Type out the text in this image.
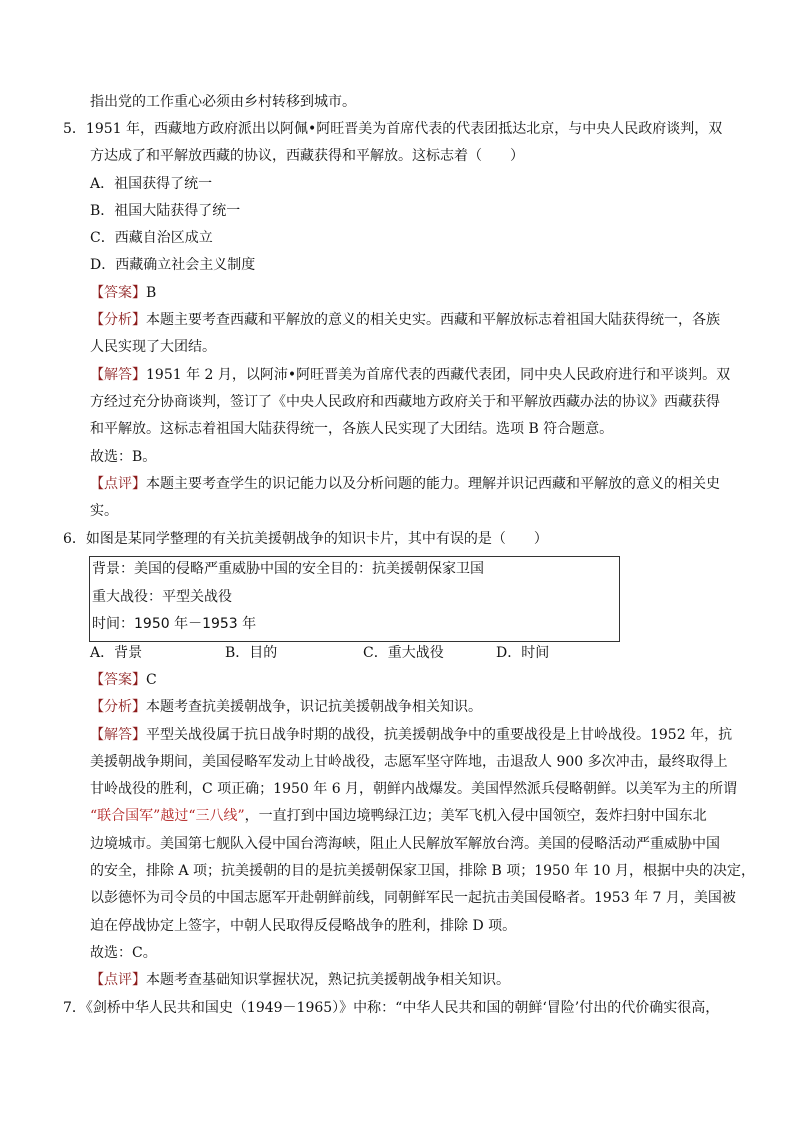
指出党的工作重心必须由乡村转移到城市。
5．1951 年，西藏地方政府派出以阿佩•阿旺晋美为首席代表的代表团抵达北京，与中央人民政府谈判，双
方达成了和平解放西藏的协议，西藏获得和平解放。这标志着（　　）
A．祖国获得了统一
B．祖国大陆获得了统一
C．西藏自治区成立
D．西藏确立社会主义制度
【答案】B
【分析】本题主要考查西藏和平解放的意义的相关史实。西藏和平解放标志着祖国大陆获得统一，各族
人民实现了大团结。
【解答】1951 年 2 月，以阿沛•阿旺晋美为首席代表的西藏代表团，同中央人民政府进行和平谈判。双
方经过充分协商谈判，签订了《中央人民政府和西藏地方政府关于和平解放西藏办法的协议》西藏获得
和平解放。这标志着祖国大陆获得统一，各族人民实现了大团结。选项 B 符合题意。
故选：B。
【点评】本题主要考查学生的识记能力以及分析问题的能力。理解并识记西藏和平解放的意义的相关史
实。
6．如图是某同学整理的有关抗美援朝战争的知识卡片，其中有误的是（　　）
背景：美国的侵略严重威胁中国的安全目的：抗美援朝保家卫国
重大战役：平型关战役
时间：1950 年－1953 年
A．背景	B．目的	C．重大战役	D．时间
【答案】C
【分析】本题考查抗美援朝战争，识记抗美援朝战争相关知识。
【解答】平型关战役属于抗日战争时期的战役，抗美援朝战争中的重要战役是上甘岭战役。1952 年，抗
美援朝战争期间，美国侵略军发动上甘岭战役，志愿军坚守阵地，击退敌人 900 多次冲击，最终取得上
甘岭战役的胜利，C 项正确；1950 年 6 月，朝鲜内战爆发。美国悍然派兵侵略朝鲜。以美军为主的所谓
“联合国军”越过“三八线”，一直打到中国边境鸭绿江边；美军飞机入侵中国领空，轰炸扫射中国东北
边境城市。美国第七舰队入侵中国台湾海峡，阻止人民解放军解放台湾。美国的侵略活动严重威胁中国
的安全，排除 A 项；抗美援朝的目的是抗美援朝保家卫国，排除 B 项；1950 年 10 月，根据中央的决定，
以彭德怀为司令员的中国志愿军开赴朝鲜前线，同朝鲜军民一起抗击美国侵略者。1953 年 7 月，美国被
迫在停战协定上签字，中朝人民取得反侵略战争的胜利，排除 D 项。
故选：C。
【点评】本题考查基础知识掌握状况，熟记抗美援朝战争相关知识。
7．《剑桥中华人民共和国史（1949－1965）》中称：“中华人民共和国的朝鲜‘冒险’付出的代价确实很高，
